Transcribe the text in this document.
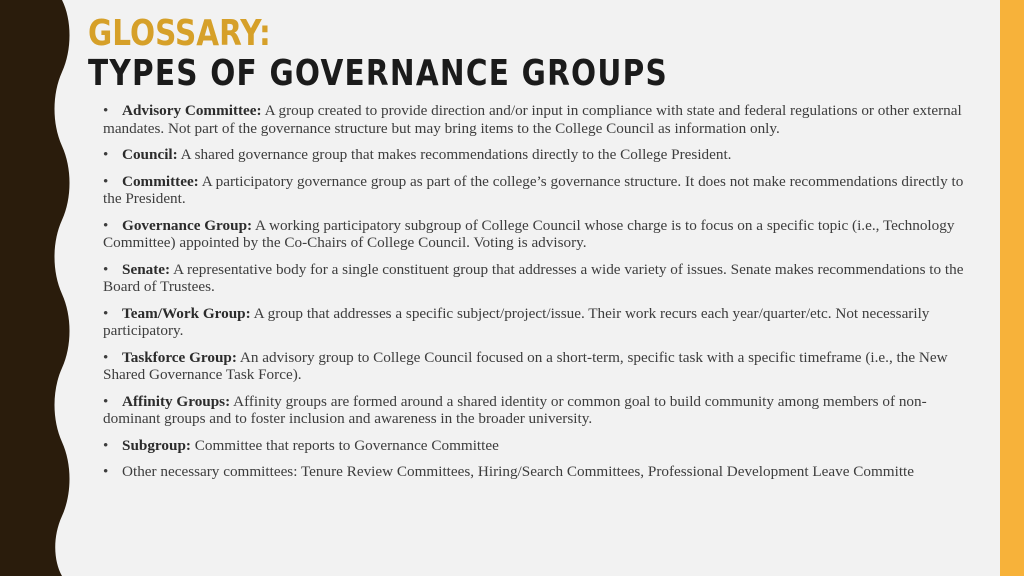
GLOSSARY:
TYPES OF GOVERNANCE GROUPS
• Advisory Committee: A group created to provide direction and/or input in compliance with state and federal regulations or other external mandates. Not part of the governance structure but may bring items to the College Council as information only.
• Council: A shared governance group that makes recommendations directly to the College President.
• Committee: A participatory governance group as part of the college’s governance structure. It does not make recommendations directly to the President.
• Governance Group: A working participatory subgroup of College Council whose charge is to focus on a specific topic (i.e., Technology Committee) appointed by the Co-Chairs of College Council. Voting is advisory.
• Senate: A representative body for a single constituent group that addresses a wide variety of issues. Senate makes recommendations to the Board of Trustees.
• Team/Work Group: A group that addresses a specific subject/project/issue. Their work recurs each year/quarter/etc. Not necessarily participatory.
• Taskforce Group: An advisory group to College Council focused on a short-term, specific task with a specific timeframe (i.e., the New Shared Governance Task Force).
• Affinity Groups: Affinity groups are formed around a shared identity or common goal to build community among members of non-dominant groups and to foster inclusion and awareness in the broader university.
• Subgroup: Committee that reports to Governance Committee
• Other necessary committees: Tenure Review Committees, Hiring/Search Committees, Professional Development Leave Committe
